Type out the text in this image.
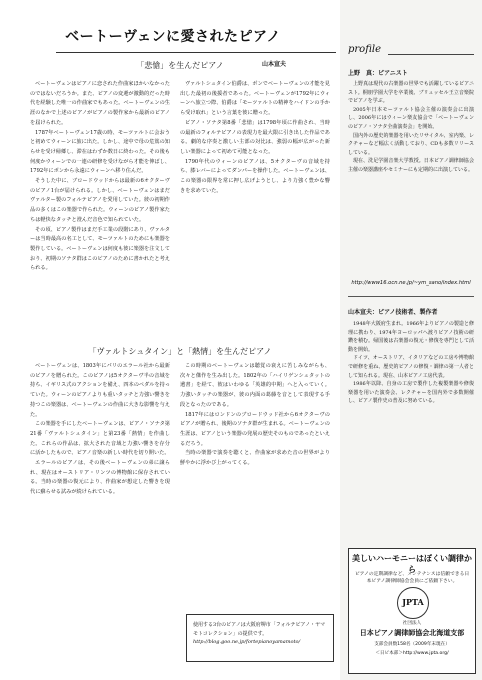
profile
上野　真：ピアニスト

上野真は現代の古楽器の世界でも活躍しているピアニスト。桐朋学園大学を卒業後、ブリュッセル王立音楽院でピアノを学ぶ。

2005年日本モーツァルト協会主催の演奏会に出演し、2006年にはウィーン楽友協会で「ベートーヴェンのピアノ・ソナタ全曲演奏会」を開始。

国内外の歴史的楽器を用いたリサイタル、室内楽、レクチャーなど幅広く活動しており、CDも多数リリースしている。

現在、洗足学園音楽大学教授。日本ピアノ調律師協会主催の楽器講座やセミナーにも定期的に出演している。

http://www16.ocn.ne.jp/~ym_sano/index.html
山本宣夫：ピアノ技術者、製作者

1948年大阪府生まれ。1966年よりピアノの製造と修理に携わり、1974年ヨーロッパへ渡りピアノ技術の研鑽を積む。帰国後は古楽器の復元・修復を専門として活動を開始。

ドイツ、オーストリア、イタリアなどの工房や博物館で研修を重ね、歴史的ピアノの修復・調律の第一人者として知られる。現在、山本ピアノ工房代表。

1986年以降、自身の工房で製作した複製楽器や修復楽器を用いた演奏会、レクチャーを国内外で多数開催し、ピアノ製作史の普及に努めている。

美しいハーモニーはぼくい調律から
ピアノの定期調律など、メンテナンスは信頼できる日本ピアノ調律師協会会員にご依頼下さい。
JPTA
社団法人
日本ピアノ調律師協会北海道支部
支部会員数158名（2009年末現在）
＜日ピ本部＞http://www.jpta.org/
ベートーヴェンに愛されたピアノ
山本宣夫
「悲愴」を生んだピアノ

ベートーヴェンはピアノに恋された作曲家ほかいなかったのではないだろうか。また、ピアノの変遷が激動的だった時代を経験した唯一の作曲家でもあった。ベートーヴェンの生涯のなかで上述のピアノがピアノの製作家から最新のピアノを届けられた。

1787年ベートーヴェン17歳の時、モーツァルトに会おうと初めてウィーンに旅に出た。しかし、途中で母の危篤の知らせを受け帰郷し、滞在はわずか数日に終わった。その後も何度かウィーンでの一連の研修を受けながら才能を伸ばし、1792年にボンから永遠にウィーンへ移り住んだ。

そうした中に、ブロードウッドからは最新の6オクターヴのピアノ1台が届けられる。しかし、ベートーヴェンはまだヴァルター製のフォルテピアノを愛用していた。彼の初期作品の多くはこの楽器で作られた。ウィーンのピアノ製作家たちは軽快なタッチと澄んだ音色で知られていた。

その頃、ピアノ製作はまだ手工業の段階にあり、ヴァルターは当時最高の名工として、モーツァルトのためにも楽器を製作している。ベートーヴェンは何度も彼に楽器を注文しており、初期のソナタ群はこのピアノのために書かれたと考えられる。

ヴァルトシュタイン伯爵は、ボンでベートーヴェンの才能を見出した最初の後援者であった。ベートーヴェンが1792年にウィーンへ旅立つ際、伯爵は「モーツァルトの精神をハイドンの手から受け取れ」という言葉を彼に贈った。

ピアノ・ソナタ第8番「悲愴」は1798年頃に作曲され、当時の最新のフォルテピアノの表現力を最大限に引き出した作品である。劇的な序奏と激しい主部の対比は、強弱の幅が広がった新しい楽器によって初めて可能となった。

1790年代のウィーンのピアノは、5オクターヴの音域を持ち、膝レバーによってダンパーを操作した。ベートーヴェンは、この楽器の限界を常に押し広げようとし、より力強く豊かな響きを求めていた。

「ヴァルトシュタイン」と「熱情」を生んだピアノ

ベートーヴェンは、1803年にパリのエラール社から最新のピアノを贈られた。このピアノは5オクターヴ半の音域を持ち、イギリス式のアクションを備え、四本のペダルを持っていた。ウィーンのピアノよりも重いタッチと力強い響きを持つこの楽器は、ベートーヴェンの作曲に大きな影響を与えた。

この楽器を手にしたベートーヴェンは、ピアノ・ソナタ第21番「ヴァルトシュタイン」と第23番「熱情」を作曲した。これらの作品は、拡大された音域と力強い響きを存分に活かしたもので、ピアノ音楽の新しい時代を切り開いた。

エラールのピアノは、その後ベートーヴェンの弟に譲られ、現在はオーストリア・リンツの博物館に保存されている。当時の楽器の復元により、作曲家が想定した響きを現代に蘇らせる試みが続けられている。

この時期のベートーヴェンは聴覚の衰えに苦しみながらも、次々と傑作を生み出した。1802年の「ハイリゲンシュタットの遺書」を経て、彼はいわゆる「英雄的中期」へと入っていく。力強いタッチの楽器が、彼の内面の葛藤を音として表現する手段となったのである。

1817年にはロンドンのブロードウッド社から6オクターヴのピアノが贈られ、後期のソナタ群が生まれる。ベートーヴェンの生涯は、ピアノという楽器の発展の歴史そのものであったといえるだろう。

当時の楽器で演奏を聴くと、作曲家が求めた音の世界がより鮮やかに浮かび上がってくる。

使用する3台のピアノは大阪府堺市「フォルテピアノ・ヤマモトコレクション」の提供です。
http://blog.goo.ne.jp/fortepianoyamamoto/
